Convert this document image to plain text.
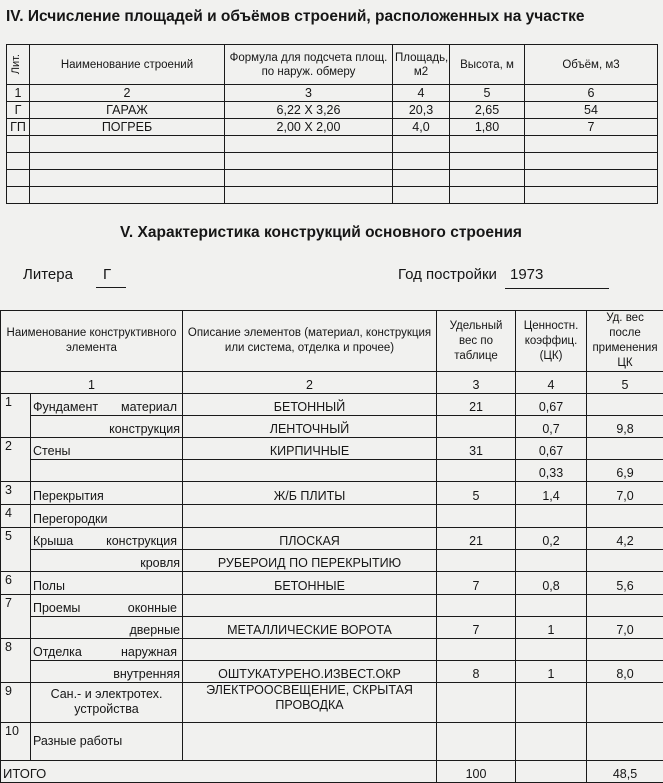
IV. Исчисление площадей и объёмов строений, расположенных на участке
Лит.	Наименование строений	Формула для подсчета площ. по наруж. обмеру	Площадь, м2	Высота, м	Объём, м3
1	2	3	4	5	6
Г	ГАРАЖ	6,22 X 3,26	20,3	2,65	54
ГП	ПОГРЕБ	2,00 X 2,00	4,0	1,80	7

V. Характеристика конструкций основного строения
Литера Г	Год постройки 1973
Наименование конструктивного элемента		Описание элементов (материал, конструкция или система, отделка и прочее)	Удельный вес по таблице	Ценностн. коэффиц. (ЦК)	Уд. вес после применения ЦК
1		2	3	4	5
1	Фундамент материал	БЕТОННЫЙ	21	0,67	
	конструкция	ЛЕНТОЧНЫЙ		0,7	9,8
2	Стены	КИРПИЧНЫЕ	31	0,67	
				0,33	6,9
3	Перекрытия	Ж/Б ПЛИТЫ	5	1,4	7,0
4	Перегородки				
5	Крыша конструкция	ПЛОСКАЯ	21	0,2	4,2
	кровля	РУБЕРОИД ПО ПЕРЕКРЫТИЮ			
6	Полы	БЕТОННЫЕ	7	0,8	5,6
7	Проемы оконные				

	дверные	МЕТАЛЛИЧЕСКИЕ ВОРОТА	7	1	7,0
8	Отделка наружная				

	внутренняя	ОШТУКАТУРЕНО.ИЗВЕСТ.ОКР	8	1	8,0
9	Сан.- и электротех. устройства	ЭЛЕКТРООСВЕЩЕНИЕ, СКРЫТАЯ ПРОВОДКА			
10	Разные работы				
ИТОГО			100		48,5
